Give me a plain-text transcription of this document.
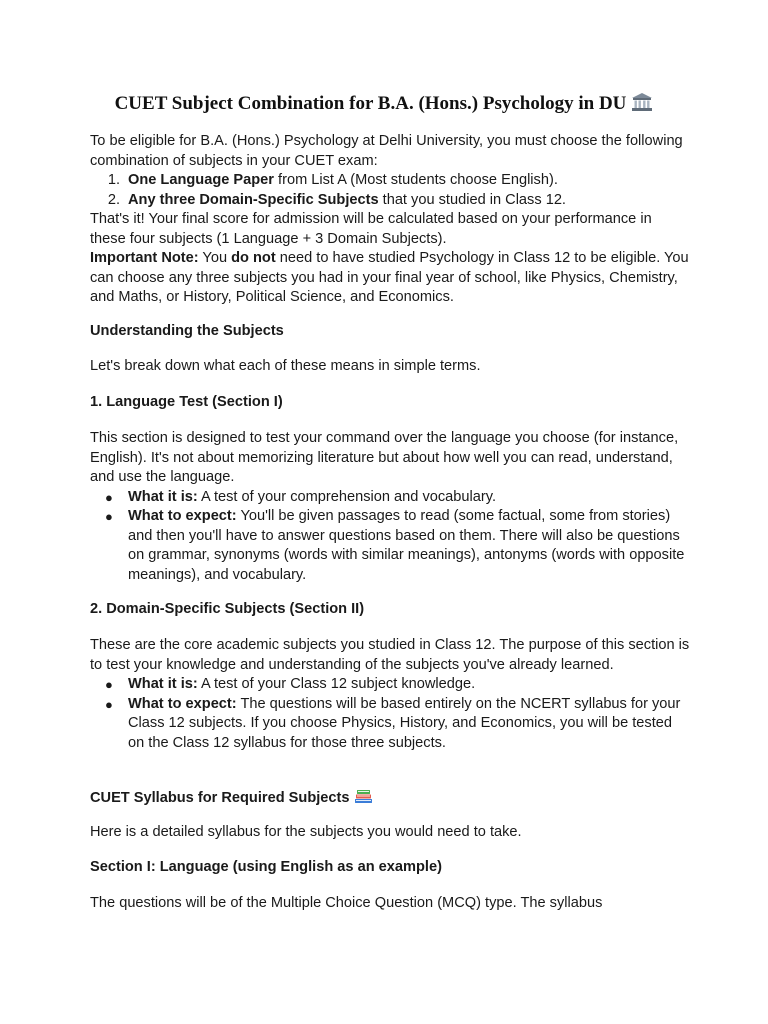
CUET Subject Combination for B.A. (Hons.) Psychology in DU

To be eligible for B.A. (Hons.) Psychology at Delhi University, you must choose the following combination of subjects in your CUET exam:

1. One Language Paper from List A (Most students choose English).
2. Any three Domain-Specific Subjects that you studied in Class 12.

That's it! Your final score for admission will be calculated based on your performance in these four subjects (1 Language + 3 Domain Subjects).

Important Note: You do not need to have studied Psychology in Class 12 to be eligible. You can choose any three subjects you had in your final year of school, like Physics, Chemistry, and Maths, or History, Political Science, and Economics.

Understanding the Subjects
Let's break down what each of these means in simple terms.
1. Language Test (Section I)

This section is designed to test your command over the language you choose (for instance, English). It's not about memorizing literature but about how well you can read, understand, and use the language.

● What it is: A test of your comprehension and vocabulary.
● What to expect: You'll be given passages to read (some factual, some from stories) and then you'll have to answer questions based on them. There will also be questions on grammar, synonyms (words with similar meanings), antonyms (words with opposite meanings), and vocabulary.
2. Domain-Specific Subjects (Section II)

These are the core academic subjects you studied in Class 12. The purpose of this section is to test your knowledge and understanding of the subjects you've already learned.

● What it is: A test of your Class 12 subject knowledge.
● What to expect: The questions will be based entirely on the NCERT syllabus for your Class 12 subjects. If you choose Physics, History, and Economics, you will be tested on the Class 12 syllabus for those three subjects.
CUET Syllabus for Required Subjects
Here is a detailed syllabus for the subjects you would need to take.
Section I: Language (using English as an example)
The questions will be of the Multiple Choice Question (MCQ) type. The syllabus
